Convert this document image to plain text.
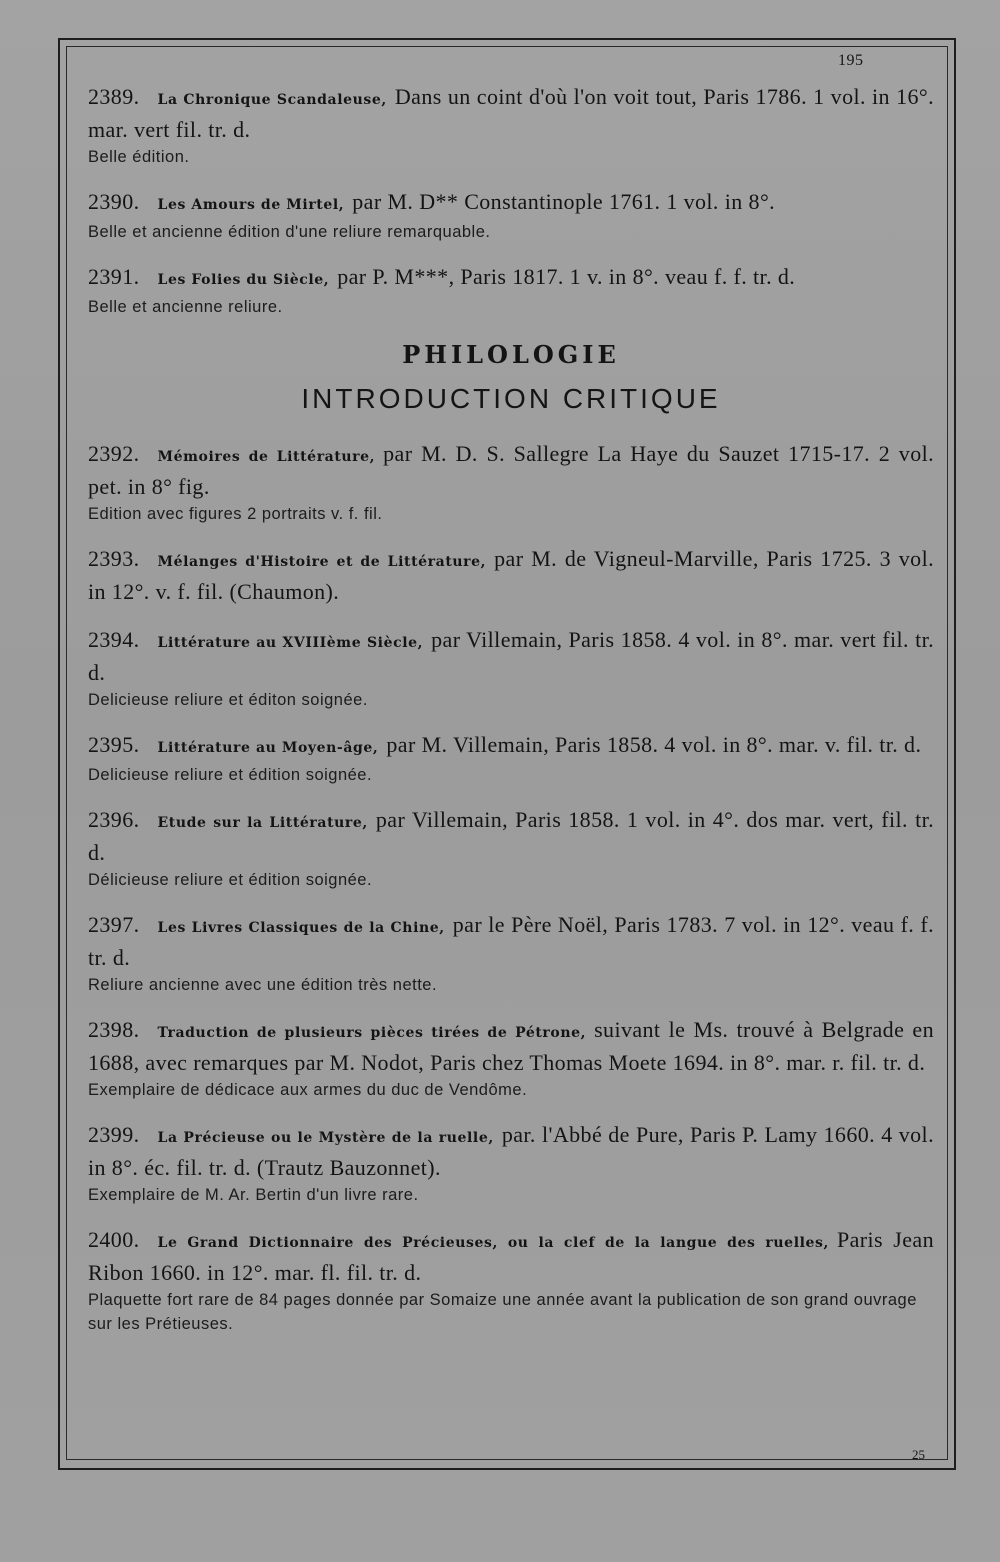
195
2389. La Chronique Scandaleuse, Dans un coint d'où l'on voit tout, Paris 1786. 1 vol. in 16°. mar. vert fil. tr. d.
Belle édition.
2390. Les Amours de Mirtel, par M. D** Constantinople 1761. 1 vol. in 8°.
Belle et ancienne édition d'une reliure remarquable.
2391. Les Folies du Siècle, par P. M***, Paris 1817. 1 v. in 8°. veau f. f. tr. d.
Belle et ancienne reliure.
PHILOLOGIE
INTRODUCTION CRITIQUE
2392. Mémoires de Littérature, par M. D. S. Sallegre La Haye du Sauzet 1715-17. 2 vol. pet. in 8° fig.
Edition avec figures 2 portraits v. f. fil.
2393. Mélanges d'Histoire et de Littérature, par M. de Vigneul-Marville, Paris 1725. 3 vol. in 12°. v. f. fil. (Chaumon).
2394. Littérature au XVIIIème Siècle, par Villemain, Paris 1858. 4 vol. in 8°. mar. vert fil. tr. d.
Delicieuse reliure et éditon soignée.
2395. Littérature au Moyen-âge, par M. Villemain, Paris 1858. 4 vol. in 8°. mar. v. fil. tr. d.
Delicieuse reliure et édition soignée.
2396. Etude sur la Littérature, par Villemain, Paris 1858. 1 vol. in 4°. dos mar. vert, fil. tr. d.
Délicieuse reliure et édition soignée.
2397. Les Livres Classiques de la Chine, par le Père Noël, Paris 1783. 7 vol. in 12°. veau f. f. tr. d.
Reliure ancienne avec une édition très nette.
2398. Traduction de plusieurs pièces tirées de Pétrone, suivant le Ms. trouvé à Belgrade en 1688, avec remarques par M. Nodot, Paris chez Thomas Moete 1694. in 8°. mar. r. fil. tr. d.
Exemplaire de dédicace aux armes du duc de Vendôme.
2399. La Précieuse ou le Mystère de la ruelle, par. l'Abbé de Pure, Paris P. Lamy 1660. 4 vol. in 8°. éc. fil. tr. d. (Trautz Bauzonnet).
Exemplaire de M. Ar. Bertin d'un livre rare.
2400. Le Grand Dictionnaire des Précieuses, ou la clef de la langue des ruelles, Paris Jean Ribon 1660. in 12°. mar. fl. fil. tr. d.
Plaquette fort rare de 84 pages donnée par Somaize une année avant la publication de son grand ouvrage sur les Prétieuses.
25
